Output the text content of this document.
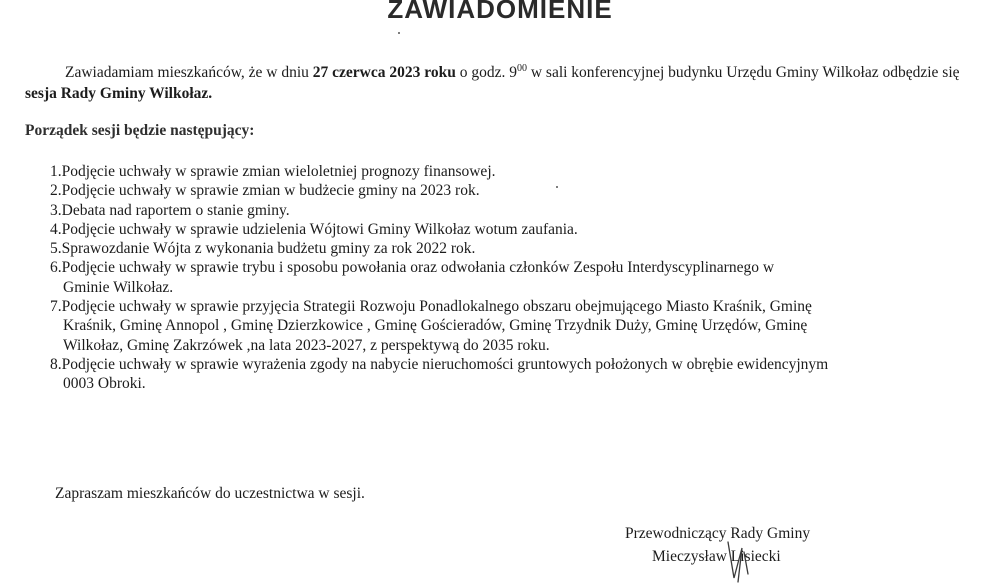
ZAWIADOMIENIE

Zawiadamiam mieszkańców, że w dniu 27 czerwca 2023 roku o godz. $9^{00}$ w sali konferencyjnej budynku Urzędu Gminy Wilkołaz odbędzie się sesja Rady Gminy Wilkołaz.

Porządek sesji będzie następujący:

1.Podjęcie uchwały w sprawie zmian wieloletniej prognozy finansowej.
2.Podjęcie uchwały w sprawie zmian w budżecie gminy na 2023 rok.
3.Debata nad raportem o stanie gminy.
4.Podjęcie uchwały w sprawie udzielenia Wójtowi Gminy Wilkołaz wotum zaufania.
5.Sprawozdanie Wójta z wykonania budżetu gminy za rok 2022 rok.
6.Podjęcie uchwały w sprawie trybu i sposobu powołania oraz odwołania członków Zespołu Interdyscyplinarnego w
Gminie Wilkołaz.
7.Podjęcie uchwały w sprawie przyjęcia Strategii Rozwoju Ponadlokalnego obszaru obejmującego Miasto Kraśnik, Gminę
Kraśnik, Gminę Annopol , Gminę Dzierzkowice , Gminę Gościeradów, Gminę Trzydnik Duży, Gminę Urzędów, Gminę
Wilkołaz, Gminę Zakrzówek ,na lata 2023-2027, z perspektywą do 2035 roku.
8.Podjęcie uchwały w sprawie wyrażenia zgody na nabycie nieruchomości gruntowych położonych w obrębie ewidencyjnym
0003 Obroki.

Zapraszam mieszkańców do uczestnictwa w sesji.

Przewodniczący Rady Gminy

Mieczysław Lisiecki
